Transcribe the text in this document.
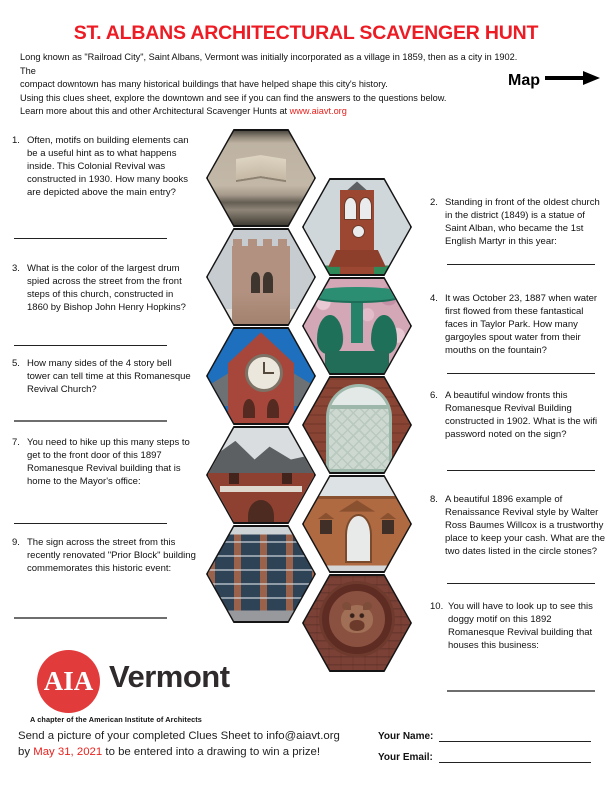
ST. ALBANS ARCHITECTURAL SCAVENGER HUNT
Long known as "Railroad City", Saint Albans, Vermont was initially incorporated as a village in 1859, then as a city in 1902. The
compact downtown has many historical buildings that have helped shape this city's history.
Using this clues sheet, explore the downtown and see if you can find the answers to the questions below.
Learn more about this and other Architectural Scavenger Hunts at www.aiavt.org
Map
1. Often, motifs on building elements can be a useful hint as to what happens inside. This Colonial Revival was constructed in 1930. How many books are depicted above the main entry?
3. What is the color of the largest drum spied across the street from the front steps of this church, constructed in 1860 by Bishop John Henry Hopkins?
5. How many sides of the 4 story bell tower can tell time at this Romanesque Revival Church?
7. You need to hike up this many steps to get to the front door of this 1897 Romanesque Revival building that is home to the Mayor's office:
9. The sign across the street from this recently renovated "Prior Block" building commemorates this historic event:
2. Standing in front of the oldest church in the district (1849) is a statue of Saint Alban, who became the 1st English Martyr in this year:
4. It was October 23, 1887 when water first flowed from these fantastical faces in Taylor Park. How many gargoyles spout water from their mouths on the fountain?
6. A beautiful window fronts this Romanesque Revival Building constructed in 1902. What is the wifi password noted on the sign?
8. A beautiful 1896 example of Renaissance Revival style by Walter Ross Baumes Willcox is a trustworthy place to keep your cash. What are the two dates listed in the circle stones?
10. You will have to look up to see this doggy motif on this 1892 Romanesque Revival building that houses this business:
AIA Vermont
A chapter of the American Institute of Architects
Send a picture of your completed Clues Sheet to info@aiavt.org
by May 31, 2021 to be entered into a drawing to win a prize!
Your Name:
Your Email:
